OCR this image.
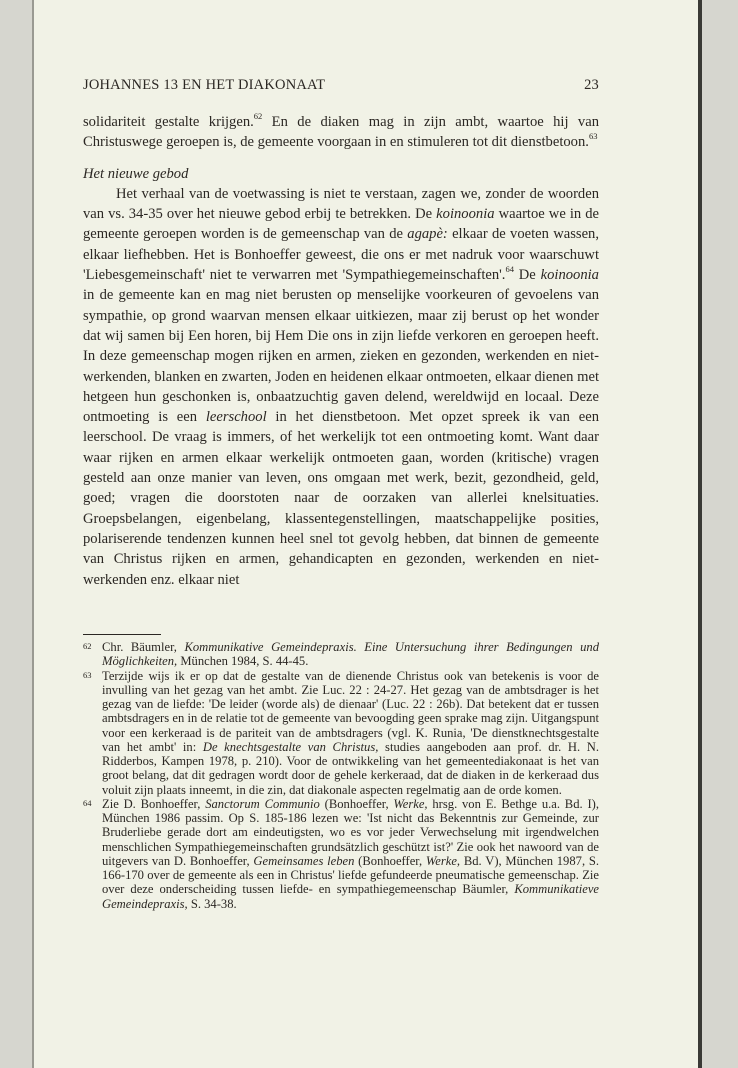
JOHANNES 13 EN HET DIAKONAAT	23

solidariteit gestalte krijgen.$^{62}$ En de diaken mag in zijn ambt, waartoe hij van Christuswege geroepen is, de gemeente voorgaan in en stimuleren tot dit dienstbetoon.$^{63}$

Het nieuwe gebod

Het verhaal van de voetwassing is niet te verstaan, zagen we, zonder de woorden van vs. 34-35 over het nieuwe gebod erbij te betrekken. De koinoonia waartoe we in de gemeente geroepen worden is de gemeenschap van de agapè: elkaar de voeten wassen, elkaar liefhebben. Het is Bonhoeffer geweest, die ons er met nadruk voor waarschuwt 'Liebesgemeinschaft' niet te verwarren met 'Sympathiegemeinschaften'.$^{64}$ De koinoonia in de gemeente kan en mag niet berusten op menselijke voorkeuren of gevoelens van sympathie, op grond waarvan mensen elkaar uitkiezen, maar zij berust op het wonder dat wij samen bij Een horen, bij Hem Die ons in zijn liefde verkoren en geroepen heeft. In deze gemeenschap mogen rijken en armen, zieken en gezonden, werkenden en niet-werkenden, blanken en zwarten, Joden en heidenen elkaar ontmoeten, elkaar dienen met hetgeen hun geschonken is, onbaatzuchtig gaven delend, wereldwijd en locaal. Deze ontmoeting is een leerschool in het dienstbetoon. Met opzet spreek ik van een leerschool. De vraag is immers, of het werkelijk tot een ontmoeting komt. Want daar waar rijken en armen elkaar werkelijk ontmoeten gaan, worden (kritische) vragen gesteld aan onze manier van leven, ons omgaan met werk, bezit, gezondheid, geld, goed; vragen die doorstoten naar de oorzaken van allerlei knelsituaties. Groepsbelangen, eigenbelang, klassentegenstellingen, maatschappelijke posities, polariserende tendenzen kunnen heel snel tot gevolg hebben, dat binnen de gemeente van Christus rijken en armen, gehandicapten en gezonden, werkenden en niet-werkenden enz. elkaar niet

62 Chr. Bäumler, Kommunikative Gemeindepraxis. Eine Untersuchung ihrer Bedingungen und Möglichkeiten, München 1984, S. 44-45.

63 Terzijde wijs ik er op dat de gestalte van de dienende Christus ook van betekenis is voor de invulling van het gezag van het ambt. Zie Luc. 22 : 24-27. Het gezag van de ambtsdrager is het gezag van de liefde: 'De leider (worde als) de dienaar' (Luc. 22 : 26b). Dat betekent dat er tussen ambtsdragers en in de relatie tot de gemeente van bevoogding geen sprake mag zijn. Uitgangspunt voor een kerkeraad is de pariteit van de ambtsdragers (vgl. K. Runia, 'De dienstknechtsgestalte van het ambt' in: De knechtsgestalte van Christus, studies aangeboden aan prof. dr. H. N. Ridderbos, Kampen 1978, p. 210). Voor de ontwikkeling van het gemeentediakonaat is het van groot belang, dat dit gedragen wordt door de gehele kerkeraad, dat de diaken in de kerkeraad dus voluit zijn plaats inneemt, in die zin, dat diakonale aspecten regelmatig aan de orde komen.

64 Zie D. Bonhoeffer, Sanctorum Communio (Bonhoeffer, Werke, hrsg. von E. Bethge u.a. Bd. I), München 1986 passim. Op S. 185-186 lezen we: 'Ist nicht das Bekenntnis zur Gemeinde, zur Bruderliebe gerade dort am eindeutigsten, wo es vor jeder Verwechselung mit irgendwelchen menschlichen Sympathiegemeinschaften grundsätzlich geschützt ist?' Zie ook het nawoord van de uitgevers van D. Bonhoeffer, Gemeinsames leben (Bonhoeffer, Werke, Bd. V), München 1987, S. 166-170 over de gemeente als een in Christus' liefde gefundeerde pneumatische gemeenschap. Zie over deze onderscheiding tussen liefde- en sympathiegemeenschap Bäumler, Kommunikatieve Gemeindepraxis, S. 34-38.
